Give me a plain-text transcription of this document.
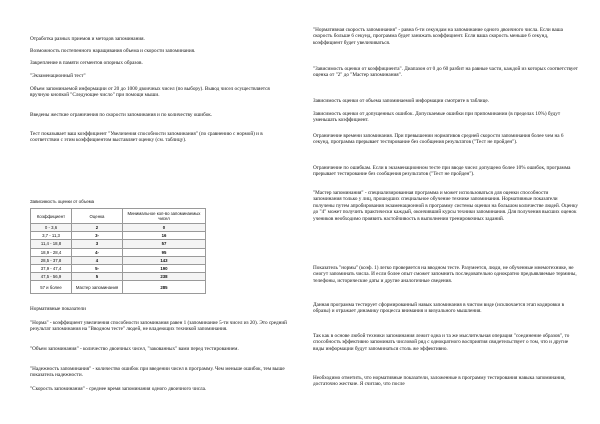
Отработка разных приемов и методов запоминания.

Возможность постепенного наращивания объема и скорости запоминания.

Закрепление в памяти сегментов опорных образов.

"Экзаменационный тест"

Объем запоминаемой информации от 20 до 1000 двоичных чисел (по выбору). Вывод чисел осуществляется вручную кнопкой "Следующее число" при помощи мыши.

Введены жесткие ограничения по скорости запоминания и по количеству ошибок.

Тест показывает ваш коэффициент "Увеличения способности запоминания" (по сравнению с нормой) и в соответствии с этим коэффициентом выставляет оценку (см. таблицу).

Зависимость оценки от объема

Коэффициент	Оценка	Минимальное кол-во запоминаемых чисел
0 - 3,6	2	0
3,7 - 11,3	3-	16
11,4 - 18,8	3	57
18,9 - 28,4	4-	95
28,5 - 37,8	4	143
37,9 - 47,4	5-	190
47,5 - 56,9	5	238
57 и более	Мастер запоминания	285

Нормативные показатели

"Норма" - коэффициент увеличения способности запоминания равен 1 (запоминание 5-ти чисел из 20). Это средний результат запоминания на "Вводном тесте" людей, не владеющих техникой запоминания.

"Объем запоминания" - количество двоичных чисел, "закованных" вами перед тестированием.

"Надежность запоминания" - количество ошибок при введении чисел в программу. Чем меньше ошибок, тем выше показатель надежности.

"Скорость запоминания" - среднее время запоминания одного двоичного числа.

"Нормативная скорость запоминания" - равна 6-ти секундам на запоминание одного двоичного числа. Если ваша скорость больше 6 секунд, программа будет занижать коэффициент. Если ваша скорость меньше 6 секунд, коэффициент будет увеличиваться.

"Зависимость оценки от коэффициента". Диапазон от 0 до 60 разбит на равные части, каждой из которых соответствует оценка от "2" до "Мастер запоминания".

Зависимость оценки от объема запоминаемой информации смотрите в таблице.

Зависимость оценки от допущенных ошибок. Допускаемые ошибки при припоминании (в пределах 10%) будут уменьшать коэффициент.

Ограничение времени запоминания. При превышении нормативов средней скорости запоминания более чем на 6 секунд, программа прерывает тестирование без сообщения результатов ("Тест не пройден").

Ограничение по ошибкам. Если в экзаменационном тесте при вводе чисел допущено более 10% ошибок, программа прерывает тестирование без сообщения результатов ("Тест не пройден").

"Мастер запоминания" - специализированная программа и может использоваться для оценки способности запоминания только у лиц, прошедших специальное обучение технике запоминания. Нормативные показатели получены путем апробирования экзаменационной в программу системы оценки на большом количестве людей. Оценку до "4" может получить практически каждый, окончивший курсы техники запоминания. Для получения высших оценок учеников необходимо проявить настойчивость в выполнении тренировочных заданий.

Показатель "нормы" (коэф. 1) легко проверяется на вводном тесте. Разумеется, люди, не обученные мнемотехнике, не смогут запоминать числа. И если более опыт сможет запомнить последовательно однократно предъявляемые термины, телефоны, исторические даты и другие аналогичные сведения.

Данная программа тестирует сформированный навык запоминания в чистом виде (исключается этап кодировки в образы) и отражает динамику процесса внимания и визуального мышления.

Так как в основе любой техники запоминания лежит одна и та же мыслительная операция "соединение образов", то способность эффективно запоминать числовой ряд с однократного восприятия свидетельствует о том, что и другие виды информации будут запоминаться столь же эффективно.

Необходимо отметить, что нормативные показатели, заложенные в программу тестирования навыка запоминания, достаточно жесткие. Я считаю, что после
